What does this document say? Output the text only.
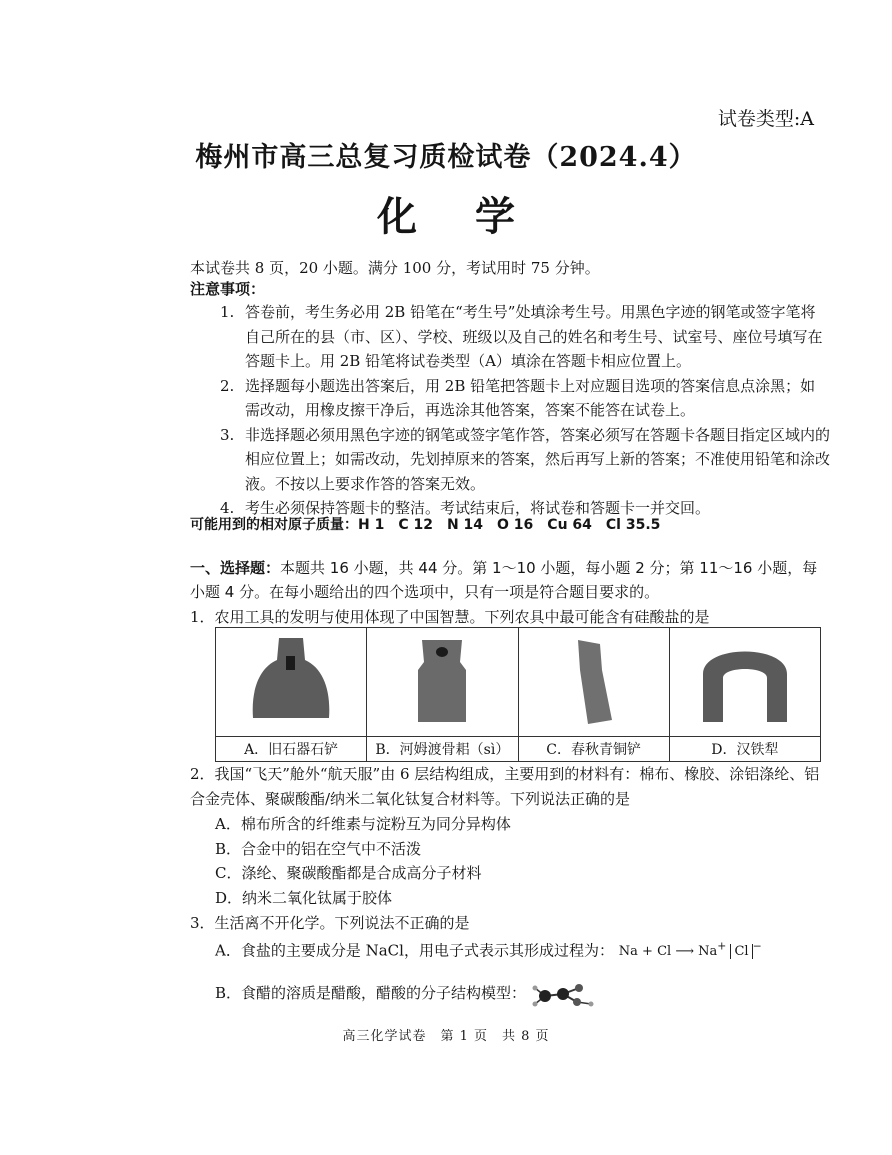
试卷类型:A
梅州市高三总复习质检试卷（2024.4）
化学
本试卷共 8 页，20 小题。满分 100 分，考试用时 75 分钟。
注意事项：
1. 答卷前，考生务必用 2B 铅笔在“考生号”处填涂考生号。用黑色字迹的钢笔或签字笔将自己所在的县（市、区）、学校、班级以及自己的姓名和考生号、试室号、座位号填写在答题卡上。用 2B 铅笔将试卷类型（A）填涂在答题卡相应位置上。
2. 选择题每小题选出答案后，用 2B 铅笔把答题卡上对应题目选项的答案信息点涂黑；如需改动，用橡皮擦干净后，再选涂其他答案，答案不能答在试卷上。
3. 非选择题必须用黑色字迹的钢笔或签字笔作答，答案必须写在答题卡各题目指定区域内的相应位置上；如需改动，先划掉原来的答案，然后再写上新的答案；不准使用铅笔和涂改液。不按以上要求作答的答案无效。
4. 考生必须保持答题卡的整洁。考试结束后，将试卷和答题卡一并交回。
可能用到的相对原子质量：H 1　C 12　N 14　O 16　Cu 64　Cl 35.5
一、选择题：本题共 16 小题，共 44 分。第 1～10 小题，每小题 2 分；第 11～16 小题，每小题 4 分。在每小题给出的四个选项中，只有一项是符合题目要求的。
1．农用工具的发明与使用体现了中国智慧。下列农具中最可能含有硅酸盐的是

A．旧石器石铲	B．河姆渡骨耜（sì）	C．春秋青铜铲	D．汉铁犁
2．我国“飞天”舱外“航天服”由 6 层结构组成，主要用到的材料有：棉布、橡胶、涂铝涤纶、铝合金壳体、聚碳酸酯/纳米二氧化钛复合材料等。下列说法正确的是
A．棉布所含的纤维素与淀粉互为同分异构体
B．合金中的铝在空气中不活泼
C．涤纶、聚碳酸酯都是合成高分子材料
D．纳米二氧化钛属于胶体
3．生活离不开化学。下列说法不正确的是
A．食盐的主要成分是 NaCl，用电子式表示其形成过程为： Na + Cl ⟶ Na+ Cl −
B．食醋的溶质是醋酸，醋酸的分子结构模型：
高三化学试卷　第 1 页　共 8 页
